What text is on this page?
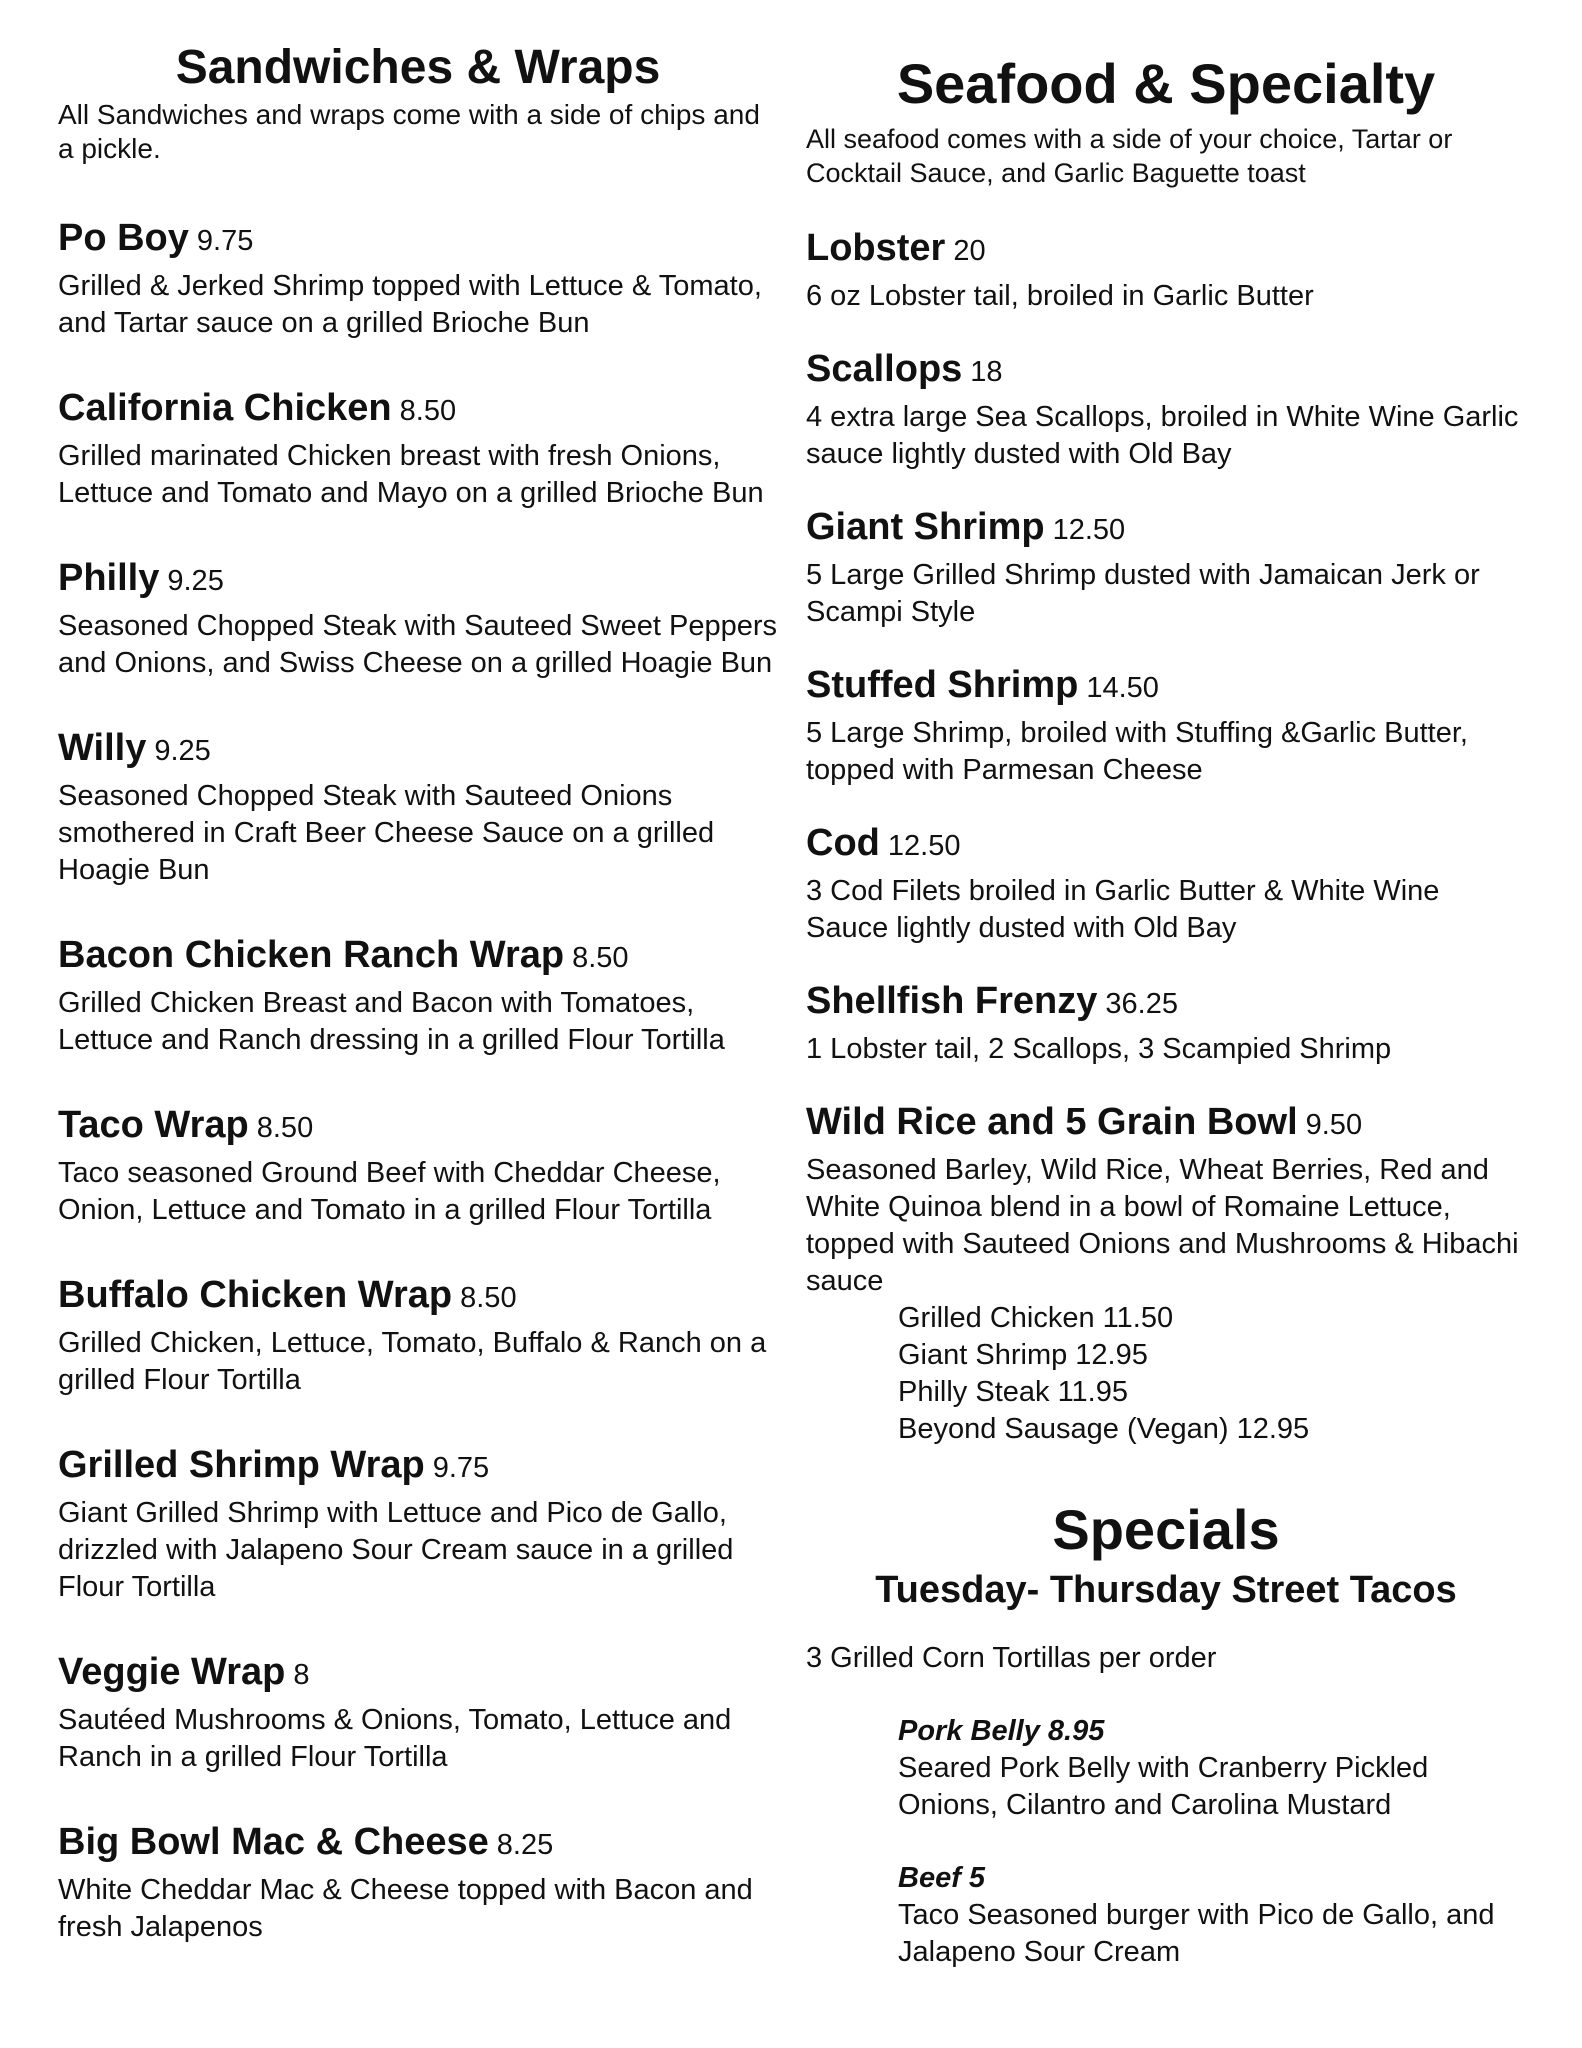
Sandwiches & Wraps

All Sandwiches and wraps come with a side of chips and a pickle.

Po Boy 9.75

Grilled & Jerked Shrimp topped with Lettuce & Tomato, and Tartar sauce on a grilled Brioche Bun

California Chicken 8.50

Grilled marinated Chicken breast with fresh Onions, Lettuce and Tomato and Mayo on a grilled Brioche Bun

Philly 9.25

Seasoned Chopped Steak with Sauteed Sweet Peppers and Onions, and Swiss Cheese on a grilled Hoagie Bun

Willy 9.25

Seasoned Chopped Steak with Sauteed Onions smothered in Craft Beer Cheese Sauce on a grilled Hoagie Bun

Bacon Chicken Ranch Wrap 8.50

Grilled Chicken Breast and Bacon with Tomatoes, Lettuce and Ranch dressing in a grilled Flour Tortilla

Taco Wrap 8.50

Taco seasoned Ground Beef with Cheddar Cheese, Onion, Lettuce and Tomato in a grilled Flour Tortilla

Buffalo Chicken Wrap 8.50

Grilled Chicken, Lettuce, Tomato, Buffalo & Ranch on a grilled Flour Tortilla

Grilled Shrimp Wrap 9.75

Giant Grilled Shrimp with Lettuce and Pico de Gallo, drizzled with Jalapeno Sour Cream sauce in a grilled Flour Tortilla

Veggie Wrap 8

Sautéed Mushrooms & Onions, Tomato, Lettuce and Ranch in a grilled Flour Tortilla

Big Bowl Mac & Cheese 8.25

White Cheddar Mac & Cheese topped with Bacon and fresh Jalapenos

Seafood & Specialty

All seafood comes with a side of your choice, Tartar or Cocktail Sauce, and Garlic Baguette toast

Lobster 20

6 oz Lobster tail, broiled in Garlic Butter

Scallops 18

4 extra large Sea Scallops, broiled in White Wine Garlic sauce lightly dusted with Old Bay

Giant Shrimp 12.50

5 Large Grilled Shrimp dusted with Jamaican Jerk or Scampi Style

Stuffed Shrimp 14.50

5 Large Shrimp, broiled with Stuffing &Garlic Butter, topped with Parmesan Cheese

Cod 12.50

3 Cod Filets broiled in Garlic Butter & White Wine Sauce lightly dusted with Old Bay

Shellfish Frenzy 36.25

1 Lobster tail, 2 Scallops, 3 Scampied Shrimp

Wild Rice and 5 Grain Bowl 9.50

Seasoned Barley, Wild Rice, Wheat Berries, Red and White Quinoa blend in a bowl of Romaine Lettuce, topped with Sauteed Onions and Mushrooms & Hibachi sauce

Grilled Chicken 11.50
Giant Shrimp 12.95
Philly Steak 11.95
Beyond Sausage (Vegan) 12.95
Specials
Tuesday- Thursday Street Tacos

3 Grilled Corn Tortillas per order

Pork Belly 8.95

Seared Pork Belly with Cranberry Pickled Onions, Cilantro and Carolina Mustard

Beef 5

Taco Seasoned burger with Pico de Gallo, and Jalapeno Sour Cream
